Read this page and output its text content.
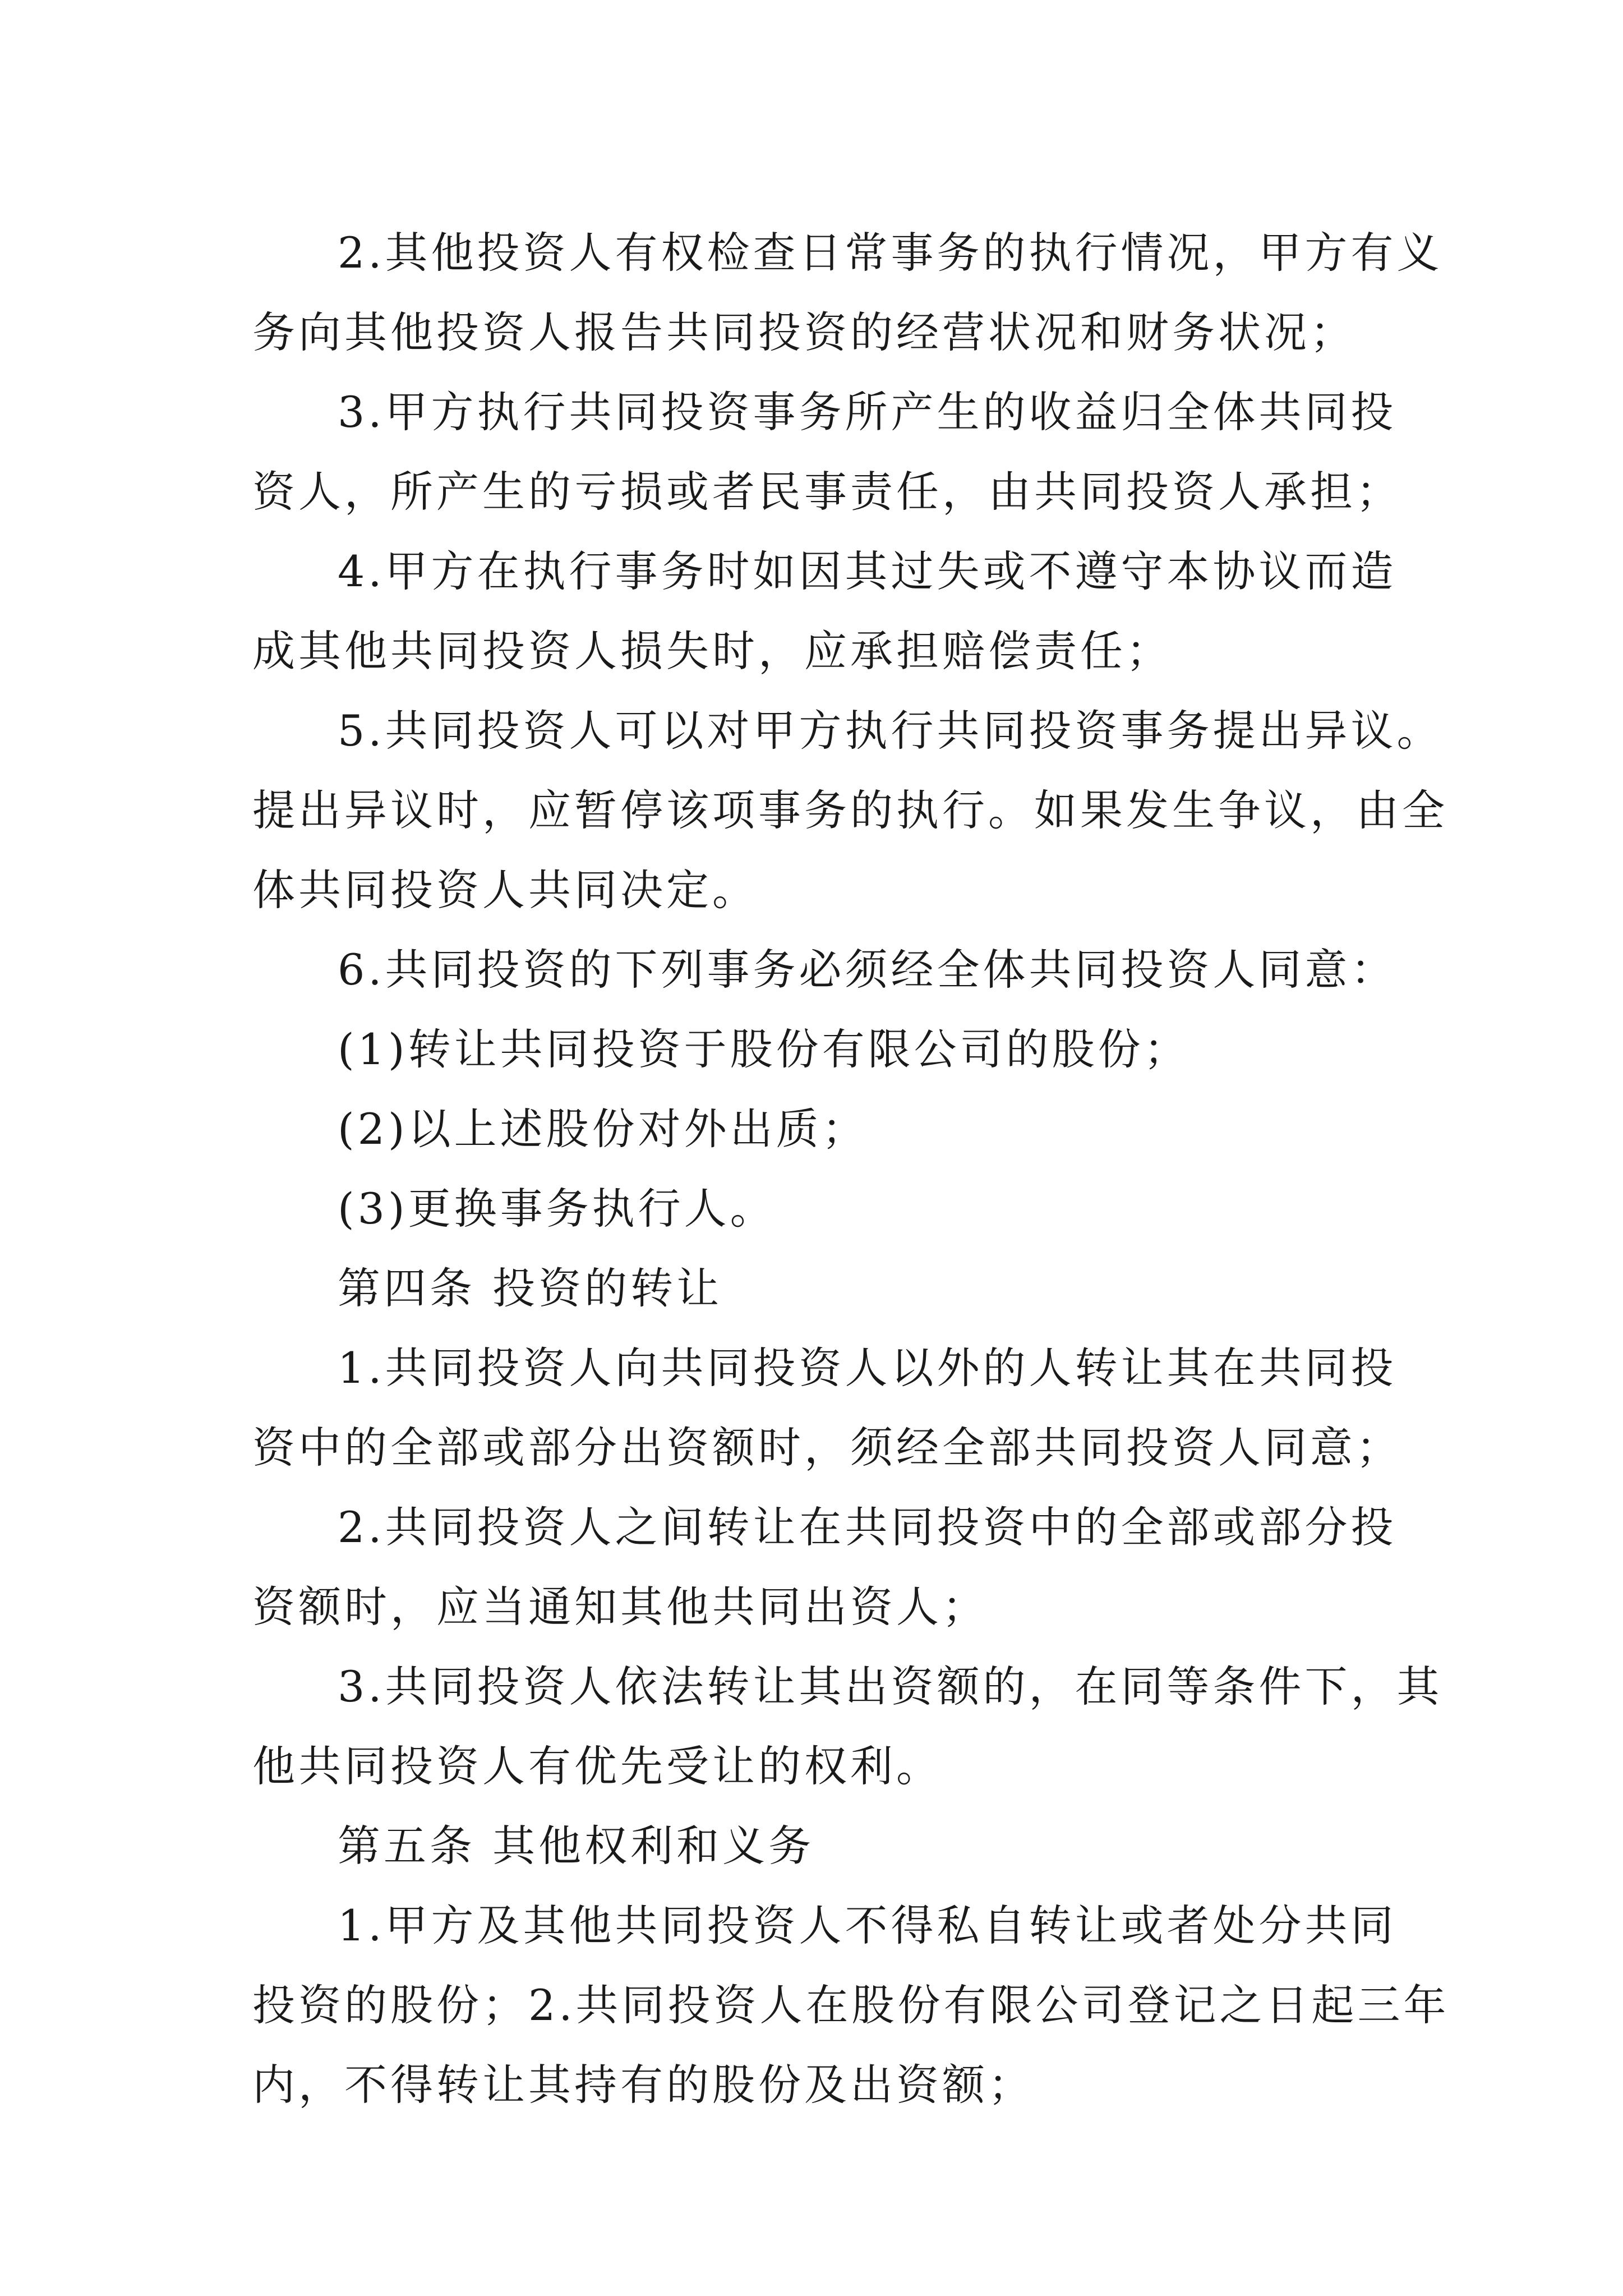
2.其他投资人有权检查日常事务的执行情况，甲方有义
务向其他投资人报告共同投资的经营状况和财务状况；
3.甲方执行共同投资事务所产生的收益归全体共同投
资人，所产生的亏损或者民事责任，由共同投资人承担；
4.甲方在执行事务时如因其过失或不遵守本协议而造
成其他共同投资人损失时，应承担赔偿责任；
5.共同投资人可以对甲方执行共同投资事务提出异议。
提出异议时，应暂停该项事务的执行。如果发生争议，由全
体共同投资人共同决定。
6.共同投资的下列事务必须经全体共同投资人同意：
(1)转让共同投资于股份有限公司的股份；
(2)以上述股份对外出质；
(3)更换事务执行人。
第四条 投资的转让
1.共同投资人向共同投资人以外的人转让其在共同投
资中的全部或部分出资额时，须经全部共同投资人同意；
2.共同投资人之间转让在共同投资中的全部或部分投
资额时，应当通知其他共同出资人；
3.共同投资人依法转让其出资额的，在同等条件下，其
他共同投资人有优先受让的权利。
第五条 其他权利和义务
1.甲方及其他共同投资人不得私自转让或者处分共同
投资的股份；2.共同投资人在股份有限公司登记之日起三年
内，不得转让其持有的股份及出资额；
